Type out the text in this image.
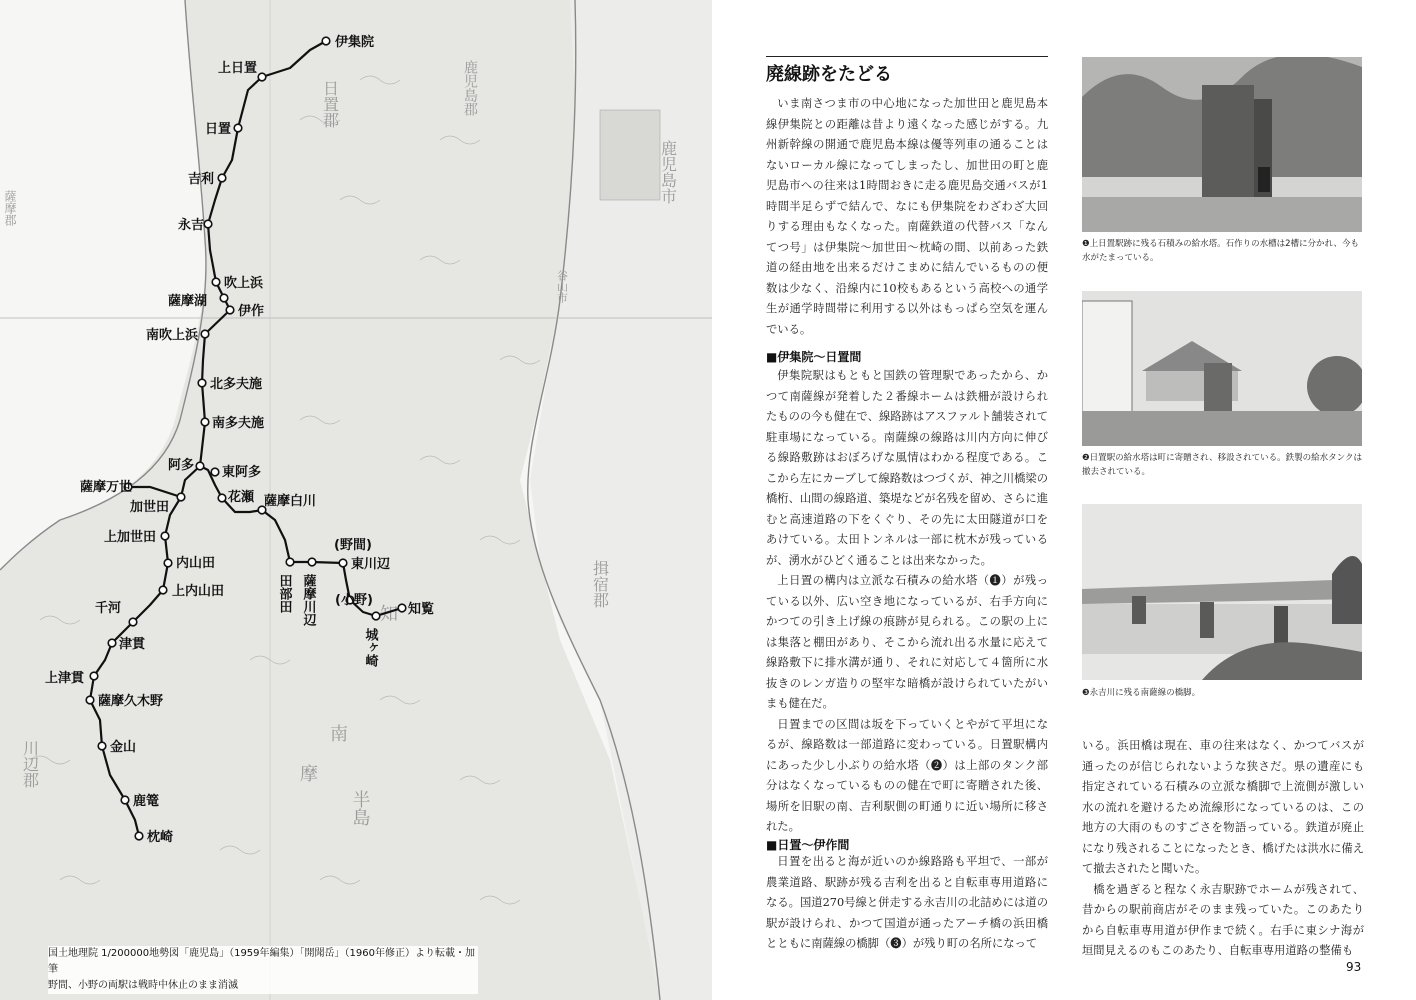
鹿児島市
谷山市
薩摩郡
日置郡
揖宿郡
川辺郡
鹿児島郡
南
摩
知
半島
伊集院
上日置
日置
吉利
永吉
吹上浜
薩摩湖
伊作
南吹上浜
北多夫施
南多夫施
阿多 東阿多
薩摩万世
加世田
花瀬 薩摩白川
上加世田
内山田
上内山田
(野間)
東川辺
田部田 薩摩川辺 (小野)
知覧
城ヶ崎
千河
津貫
上津貫
薩摩久木野
金山
鹿篭
枕崎
国土地理院 1/200000地勢図「鹿児島」（1959年編集）「開聞岳」（1960年修正）より転載・加筆
野間、小野の両駅は戦時中休止のまま消滅
廃線跡をたどる

いま南さつま市の中心地になった加世田と鹿児島本線伊集院との距離は昔より遠くなった感じがする。九州新幹線の開通で鹿児島本線は優等列車の通ることはないローカル線になってしまったし、加世田の町と鹿児島市への往来は1時間おきに走る鹿児島交通バスが1時間半足らずで結んで、なにも伊集院をわざわざ大回りする理由もなくなった。南薩鉄道の代替バス「なんてつ号」は伊集院～加世田～枕崎の間、以前あった鉄道の経由地を出来るだけこまめに結んでいるものの便数は少なく、沿線内に10校もあるという高校への通学生が通学時間帯に利用する以外はもっぱら空気を運んでいる。

■伊集院～日置間

伊集院駅はもともと国鉄の管理駅であったから、かつて南薩線が発着した２番線ホームは鉄柵が設けられたものの今も健在で、線路跡はアスファルト舗装されて駐車場になっている。南薩線の線路は川内方向に伸びる線路敷跡はおぼろげな風情はわかる程度である。ここから左にカーブして線路数はつづくが、神之川橋梁の橋桁、山間の線路道、築堤などが名残を留め、さらに進むと高速道路の下をくぐり、その先に太田隧道が口をあけている。太田トンネルは一部に枕木が残っているが、湧水がひどく通ることは出来なかった。

上日置の構内は立派な石積みの給水塔（❶）が残っている以外、広い空き地になっているが、右手方向にかつての引き上げ線の痕跡が見られる。この駅の上には集落と棚田があり、そこから流れ出る水量に応えて線路敷下に排水溝が通り、それに対応して４箇所に水抜きのレンガ造りの堅牢な暗橋が設けられていたがいまも健在だ。

日置までの区間は坂を下っていくとやがて平坦になるが、線路数は一部道路に変わっている。日置駅構内にあった少し小ぶりの給水塔（❷）は上部のタンク部分はなくなっているものの健在で町に寄贈された後、場所を旧駅の南、吉利駅側の町通りに近い場所に移された。

■日置～伊作間

日置を出ると海が近いのか線路路も平坦で、一部が農業道路、駅跡が残る吉利を出ると自転車専用道路になる。国道270号線と併走する永吉川の北詰めには道の駅が設けられ、かつて国道が通ったアーチ橋の浜田橋とともに南薩線の橋脚（❸）が残り町の名所になって

❶上日置駅跡に残る石積みの給水塔。石作りの水槽は2槽に分かれ、今も水がたまっている。
❷日置駅の給水塔は町に寄贈され、移設されている。鉄製の給水タンクは撤去されている。
❸永吉川に残る南薩線の橋脚。

いる。浜田橋は現在、車の往来はなく、かつてバスが通ったのが信じられないような狭さだ。県の遺産にも指定されている石積みの立派な橋脚で上流側が激しい水の流れを避けるため流線形になっているのは、この地方の大雨のものすごさを物語っている。鉄道が廃止になり残されることになったとき、橋げたは洪水に備えて撤去されたと聞いた。

橋を過ぎると程なく永吉駅跡でホームが残されて、昔からの駅前商店がそのまま残っていた。このあたりから自転車専用道が伊作まで続く。右手に東シナ海が垣間見えるのもこのあたり、自転車専用道路の整備も

93
